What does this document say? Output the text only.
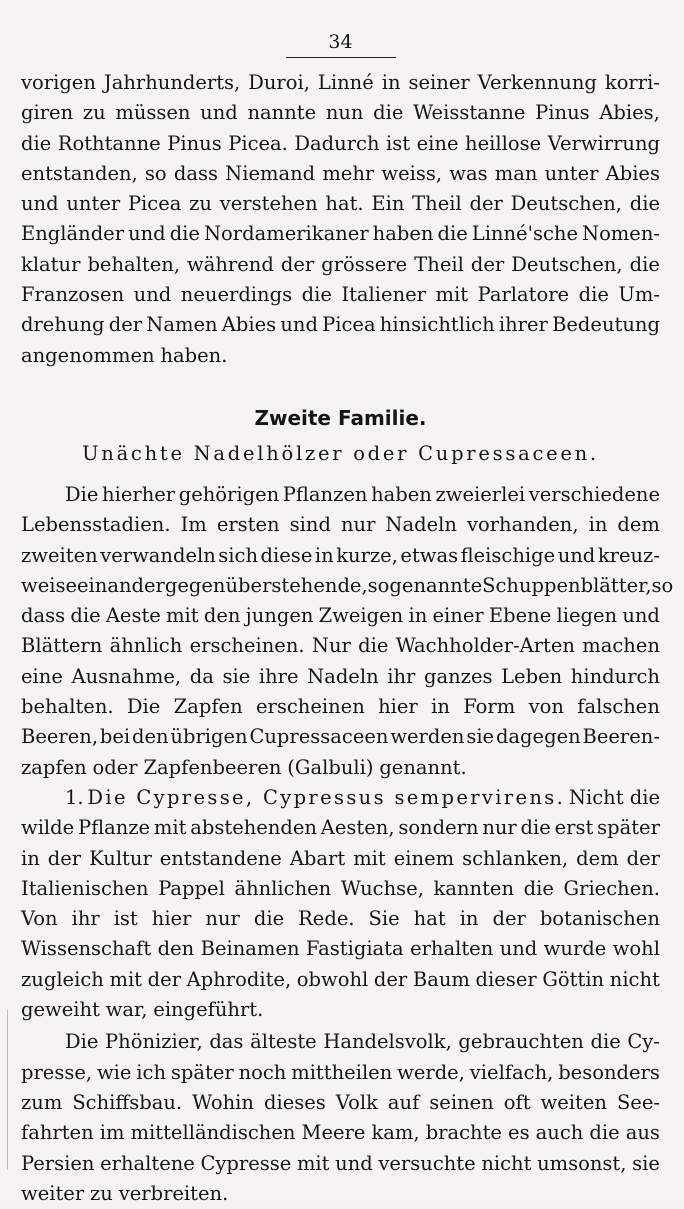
34
vorigen Jahrhunderts, Duroi, Linné in seiner Verkennung korri-
giren zu müssen und nannte nun die Weisstanne Pinus Abies,
die Rothtanne Pinus Picea. Dadurch ist eine heillose Verwirrung
entstanden, so dass Niemand mehr weiss, was man unter Abies
und unter Picea zu verstehen hat. Ein Theil der Deutschen, die
Engländer und die Nordamerikaner haben die Linné'sche Nomen-
klatur behalten, während der grössere Theil der Deutschen, die
Franzosen und neuerdings die Italiener mit Parlatore die Um-
drehung der Namen Abies und Picea hinsichtlich ihrer Bedeutung
angenommen haben.
Zweite Familie.
Unächte Nadelhölzer oder Cupressaceen.
Die hierher gehörigen Pflanzen haben zweierlei verschiedene
Lebensstadien. Im ersten sind nur Nadeln vorhanden, in dem
zweiten verwandeln sich diese in kurze, etwas fleischige und kreuz-
weise einander gegenüberstehende, sogenannte Schuppenblätter, so
dass die Aeste mit den jungen Zweigen in einer Ebene liegen und
Blättern ähnlich erscheinen. Nur die Wachholder-Arten machen
eine Ausnahme, da sie ihre Nadeln ihr ganzes Leben hindurch
behalten. Die Zapfen erscheinen hier in Form von falschen
Beeren, bei den übrigen Cupressaceen werden sie dagegen Beeren-
zapfen oder Zapfenbeeren (Galbuli) genannt.
1. Die Cypresse, Cypressus sempervirens. Nicht die
wilde Pflanze mit abstehenden Aesten, sondern nur die erst später
in der Kultur entstandene Abart mit einem schlanken, dem der
Italienischen Pappel ähnlichen Wuchse, kannten die Griechen.
Von ihr ist hier nur die Rede. Sie hat in der botanischen
Wissenschaft den Beinamen Fastigiata erhalten und wurde wohl
zugleich mit der Aphrodite, obwohl der Baum dieser Göttin nicht
geweiht war, eingeführt.
Die Phönizier, das älteste Handelsvolk, gebrauchten die Cy-
presse, wie ich später noch mittheilen werde, vielfach, besonders
zum Schiffsbau. Wohin dieses Volk auf seinen oft weiten See-
fahrten im mittelländischen Meere kam, brachte es auch die aus
Persien erhaltene Cypresse mit und versuchte nicht umsonst, sie
weiter zu verbreiten.
